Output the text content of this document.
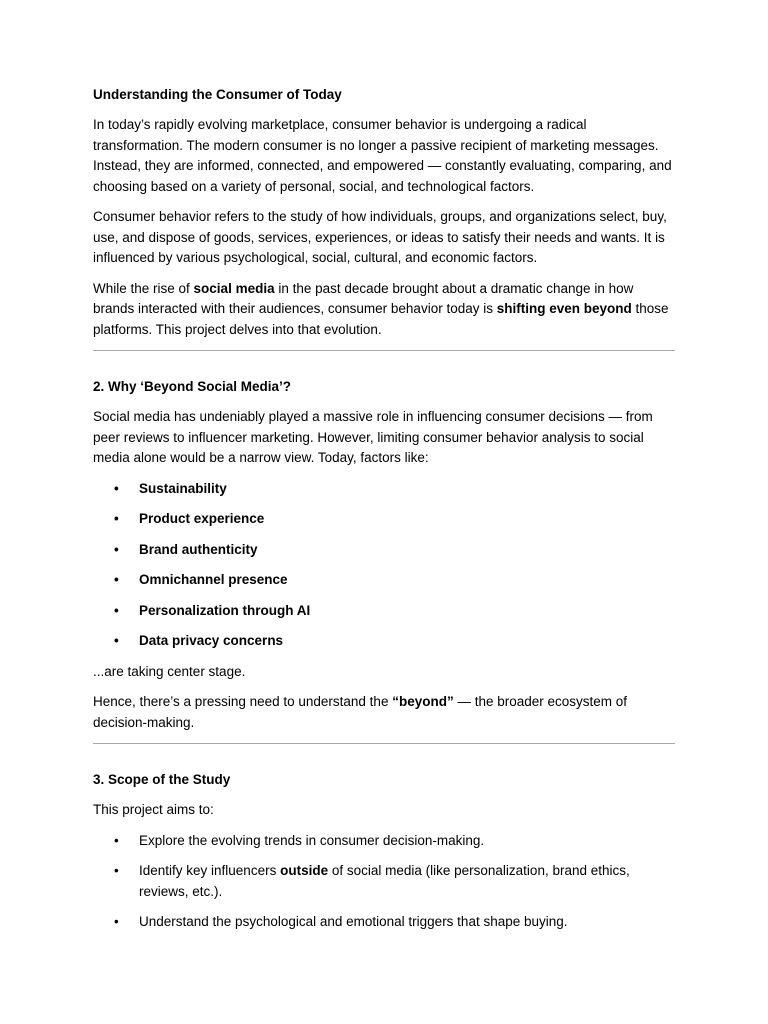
Understanding the Consumer of Today

In today’s rapidly evolving marketplace, consumer behavior is undergoing a radical transformation. The modern consumer is no longer a passive recipient of marketing messages. Instead, they are informed, connected, and empowered — constantly evaluating, comparing, and choosing based on a variety of personal, social, and technological factors.

Consumer behavior refers to the study of how individuals, groups, and organizations select, buy, use, and dispose of goods, services, experiences, or ideas to satisfy their needs and wants. It is influenced by various psychological, social, cultural, and economic factors.

While the rise of social media in the past decade brought about a dramatic change in how brands interacted with their audiences, consumer behavior today is shifting even beyond those platforms. This project delves into that evolution.

2. Why ‘Beyond Social Media’?

Social media has undeniably played a massive role in influencing consumer decisions — from peer reviews to influencer marketing. However, limiting consumer behavior analysis to social media alone would be a narrow view. Today, factors like:

• Sustainability
• Product experience
• Brand authenticity
• Omnichannel presence
• Personalization through AI
• Data privacy concerns

...are taking center stage.

Hence, there’s a pressing need to understand the “beyond” — the broader ecosystem of decision-making.

3. Scope of the Study

This project aims to:

• Explore the evolving trends in consumer decision-making.
• Identify key influencers outside of social media (like personalization, brand ethics, reviews, etc.).
• Understand the psychological and emotional triggers that shape buying.
